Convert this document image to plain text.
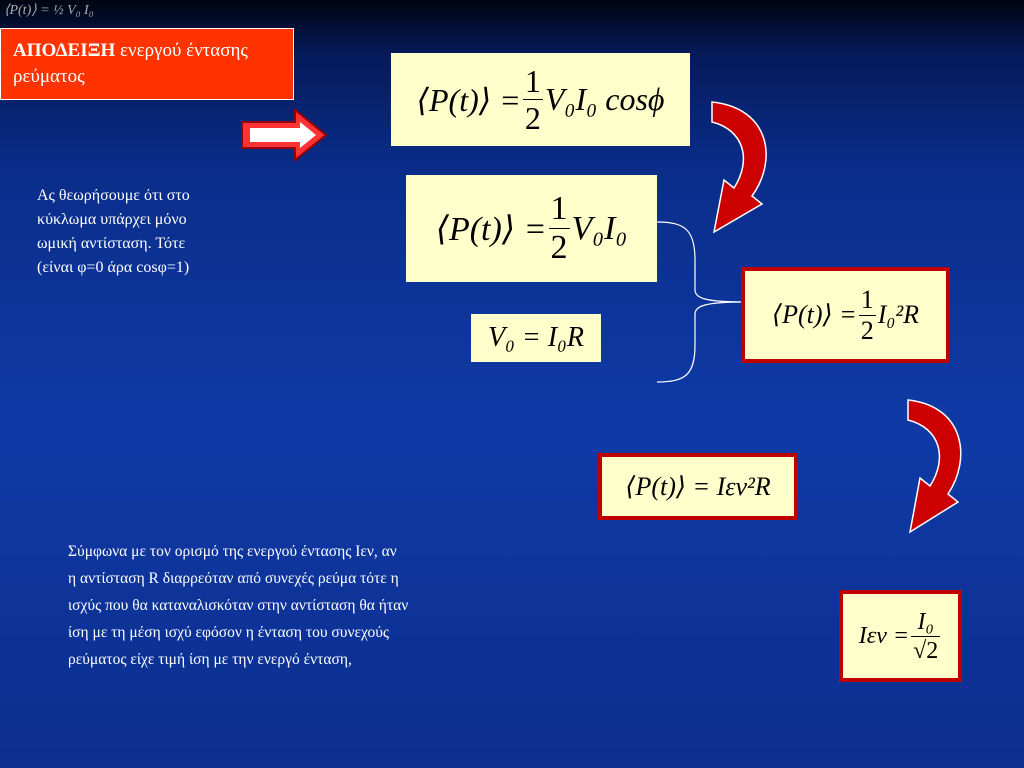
⟨P(t)⟩ = ½ V₀ I₀
ΑΠΟΔΕΙΞΗ ενεργού έντασης ρεύματος
Ας θεωρήσουμε ότι στο
κύκλωμα υπάρχει μόνο
ωμική αντίσταση. Τότε
(είναι φ=0 άρα cosφ=1)
⟨P(t)⟩ = $\frac{1}{2} V_0I_0$ cosϕ
⟨P(t)⟩ = $\frac{1}{2} V_0I_0$
V₀ = I₀R
⟨P(t)⟩ = $\frac{1}{2} I_0^2R$
⟨P(t)⟩ =
Iεν²R
Σύμφωνα με τον ορισμό της ενεργού έντασης Ιεν, αν
η αντίσταση R διαρρεόταν από συνεχές ρεύμα τότε η
ισχύς που θα καταναλισκόταν στην αντίσταση θα ήταν
ίση με τη μέση ισχύ εφόσον η ένταση του συνεχούς
ρεύματος είχε τιμή ίση με την ενεργό ένταση,
$I\varepsilon\nu = \frac{\text{I₀}}{√2}$
